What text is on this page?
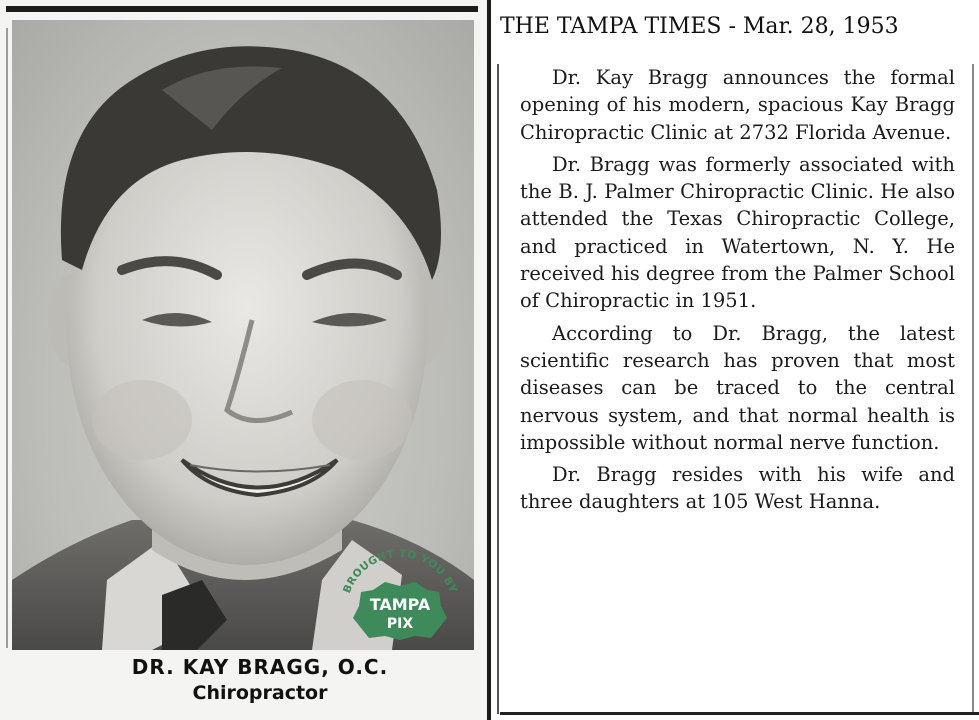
BROUGHT TO YOU BY
TAMPA
PIX
DR. KAY BRAGG, O.C.
Chiropractor
THE TAMPA TIMES - Mar. 28, 1953

Dr. Kay Bragg announces the formal opening of his modern, spacious Kay Bragg Chiropractic Clinic at 2732 Florida Avenue.

Dr. Bragg was formerly associated with the B. J. Palmer Chiropractic Clinic. He also attended the Texas Chiropractic College, and practiced in Watertown, N. Y. He received his degree from the Palmer School of Chiropractic in 1951.

According to Dr. Bragg, the latest scientific research has proven that most diseases can be traced to the central nervous system, and that normal health is impossible without normal nerve function.

Dr. Bragg resides with his wife and three daughters at 105 West Hanna.
